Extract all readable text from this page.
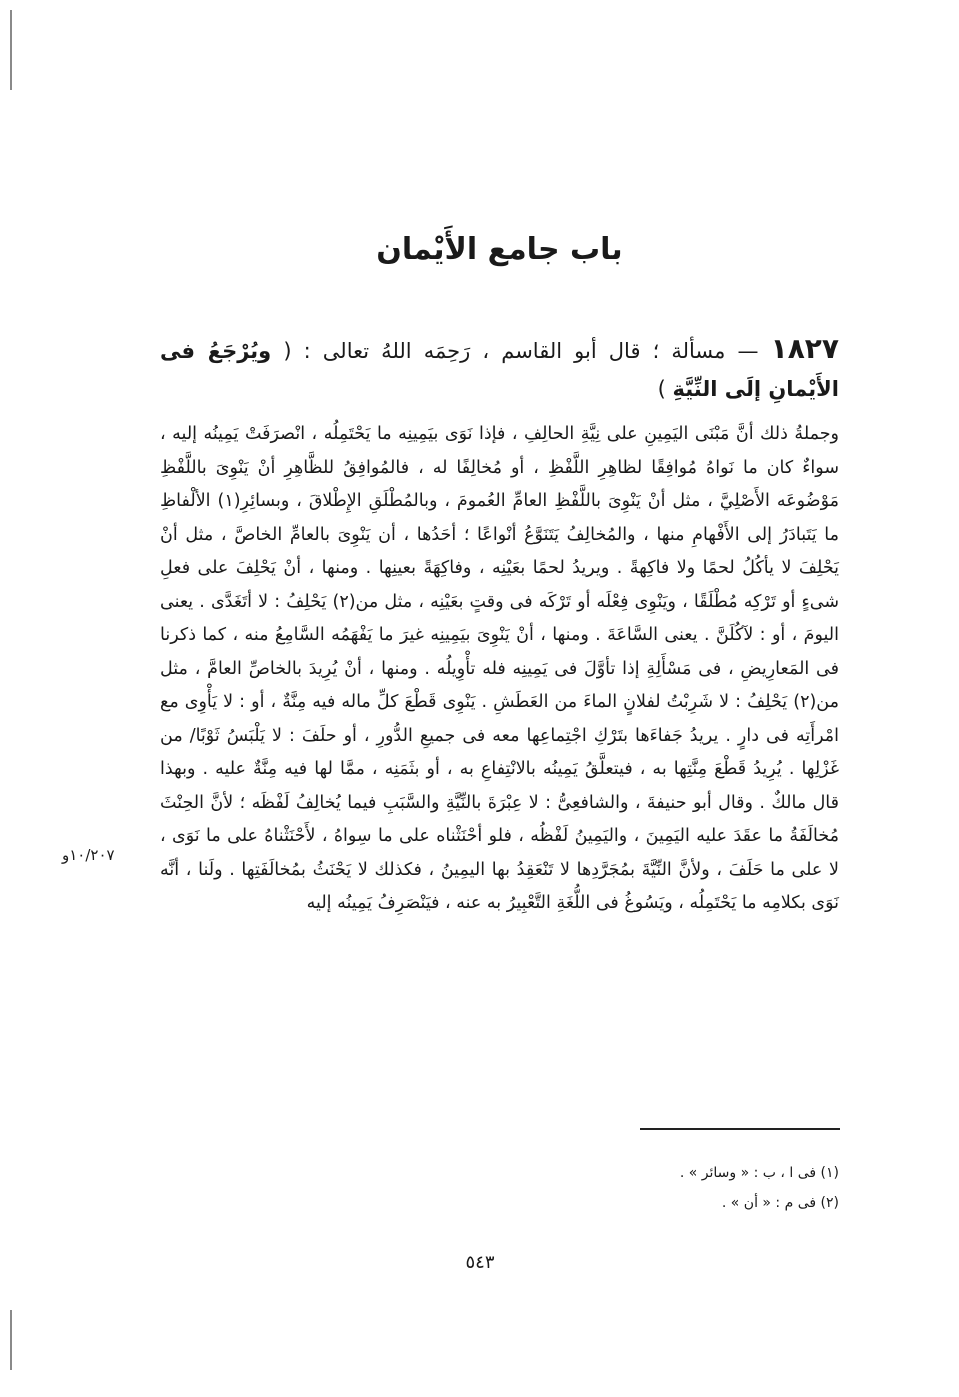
باب جامع الأَيْمان
١٨٢٧ — مسألة ؛ قال أبو القاسم ، رَحِمَه اللهُ تعالى : ( ويُرْجَعُ فى الأَيْمانِ إلَى النِّيَّةِ )
وجملةُ ذلك أنَّ مَبْنَى اليَمِينِ على نِيَّةِ الحالِفِ ، فإذا نَوَى بيَمِينِه ما يَحْتَمِلُه ، انْصرَفَتْ يَمِينُه إليه ، سواءٌ كان ما نَواهُ مُوافِقًا لظاهِرِ اللَّفْظِ ، أو مُخالِفًا له ، فالمُوافِقُ للظَّاهِرِ أنْ يَنْوِىَ باللَّفْظِ مَوْضُوعَه الأَصْلِيَّ ، مثل أنْ يَنْوِىَ باللَّفْظِ العامِّ العُمومَ ، وبالمُطْلَقِ الإِطْلاقَ ، وبسائِرِ(١) الألْفاظِ ما يَتَبادَرُ إلى الأَفْهامِ منها ، والمُخالِفُ يَتَنَوَّعُ أنْواعًا ؛ أحَدُها ، أن يَنْوِىَ بالعامِّ الخاصَّ ، مثل أنْ يَحْلِفَ لا يأكُلُ لحمًا ولا فاكِهةً . ويريدُ لحمًا بعَيْنِه ، وفاكِهَةً بعينِها . ومنها ، أنْ يَحْلِفَ على فعلِ شىءٍ أو تَرْكِه مُطْلَقًا ، ويَنْوِى فِعْلَه أو تَرْكَه فى وقتٍ بعَيْنِه ، مثل من(٢) يَحْلِفُ : لا أتَغَدَّى . يعنى اليومَ ، أو : لآكُلَنَّ . يعنى السَّاعَةَ . ومنها ، أنْ يَنْوِىَ بيَمِينِه غيرَ ما يَفْهَمُه السَّامِعُ منه ، كما ذكرنا فى المَعارِيضِ ، فى مَسْأَلِةِ إذا تأوَّلَ فى يَمِينِه فله تأْوِيلُه . ومنها ، أنْ يُرِيدَ بالخاصِّ العامَّ ، مثل من(٢) يَحْلِفُ : لا شَرِبْتُ لفلانٍ الماءَ من العَطَشِ . يَنْوِى قَطْعَ كلِّ ماله فيه مِنَّةٌ ، أو : لا يَأْوِى مع امْرأَتِه فى دارٍ . يريدُ جَفاءَها بتَرْكِ اجْتِماعِها معه فى جميعِ الدُّورِ ، أو حلَفَ : لا يَلْبَسُ ثَوْبًا/ من غَزْلِها . يُرِيدُ قَطْعَ مِنَّتِها به ، فيتعلَّقُ يَمِينُه بالانْتِفاعِ به ، أو بثَمَنِه ، ممَّا لها فيه مِنَّةٌ عليه . وبهذا قال مالكٌ . وقال أبو حنيفةَ ، والشافعِىُّ : لا عِبْرَةَ بالنِّيَّةِ والسَّبَبِ فيما يُخالِفُ لَفْظَه ؛ لأنَّ الحِنْثَ مُخالَفَةُ ما عقَدَ عليه اليَمِينَ ، واليَمِينُ لَفْظُه ، فلو أحْنَثْناه على ما سِواهُ ، لأَحْنَثْناهُ على ما نَوَى ، لا على ما حَلَفَ ، ولأنَّ النِّيَّةَ بمُجَرَّدِها لا تَنْعَقِدُ بها اليمِينُ ، فكذلك لا يَحْنَثُ بمُخالَفَتِها . ولَنا ، أنَّه نَوَى بكلامِه ما يَحْتَمِلُه ، ويَسُوغُ فى اللُّغَةِ التَّعْبِيرُ به عنه ، فيَنْصَرِفُ يَمِينُه إليه
١٠/٢٠٧و
(١) فى ا ، ب : « وسائر » .
(٢) فى م : « أن » .
٥٤٣
